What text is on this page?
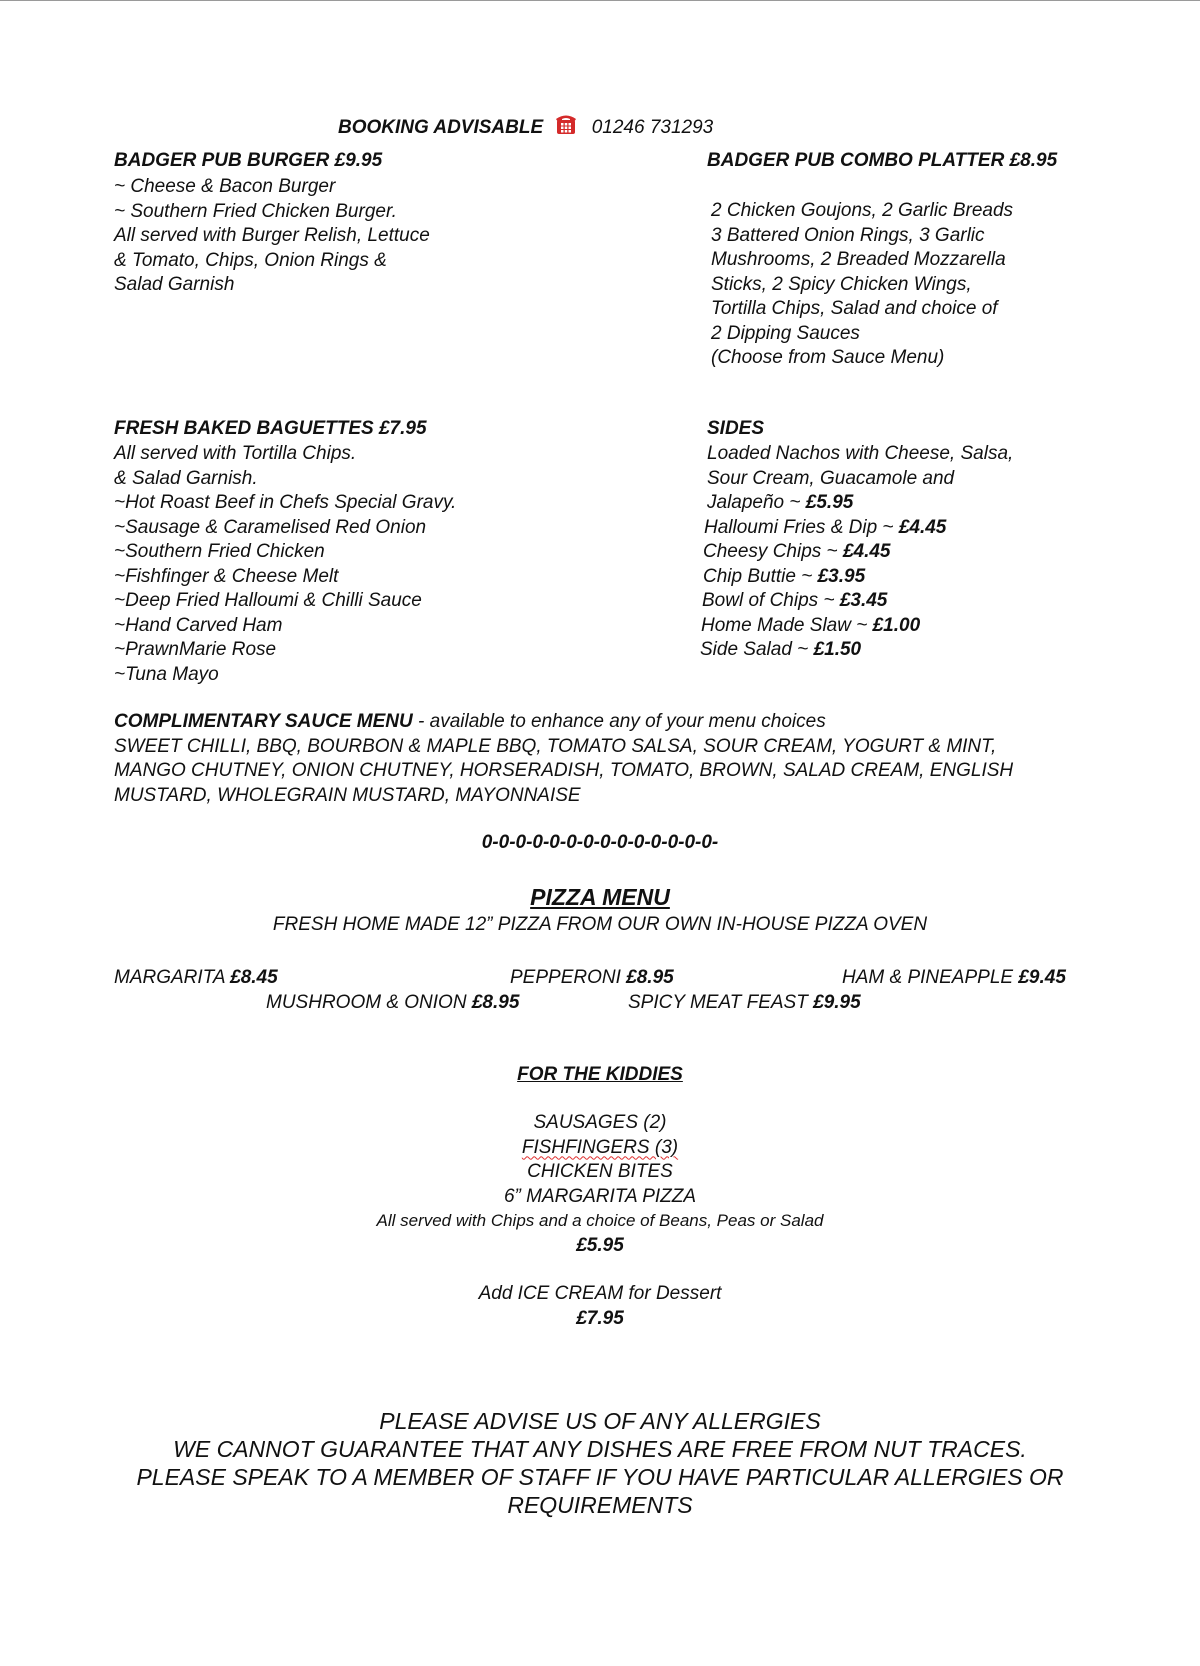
BOOKING ADVISABLE	01246 731293
BADGER PUB BURGER £9.95
~ Cheese & Bacon Burger
~ Southern Fried Chicken Burger.
All served with Burger Relish, Lettuce
& Tomato, Chips, Onion Rings &
Salad Garnish
BADGER PUB COMBO PLATTER £8.95
2 Chicken Goujons, 2 Garlic Breads
3 Battered Onion Rings, 3 Garlic
Mushrooms, 2 Breaded Mozzarella
Sticks, 2 Spicy Chicken Wings,
Tortilla Chips, Salad and choice of
2 Dipping Sauces
(Choose from Sauce Menu)
FRESH BAKED BAGUETTES £7.95
All served with Tortilla Chips.
& Salad Garnish.
~Hot Roast Beef in Chefs Special Gravy.
~Sausage & Caramelised Red Onion
~Southern Fried Chicken
~Fishfinger & Cheese Melt
~Deep Fried Halloumi & Chilli Sauce
~Hand Carved Ham
~PrawnMarie Rose
~Tuna Mayo
SIDES
Loaded Nachos with Cheese, Salsa,
Sour Cream, Guacamole and
Jalapeño ~ £5.95
Halloumi Fries & Dip ~ £4.45
Cheesy Chips ~ £4.45
Chip Buttie ~ £3.95
Bowl of Chips ~ £3.45
Home Made Slaw ~ £1.00
Side Salad ~ £1.50
COMPLIMENTARY SAUCE MENU - available to enhance any of your menu choices
SWEET CHILLI, BBQ, BOURBON & MAPLE BBQ, TOMATO SALSA, SOUR CREAM, YOGURT & MINT,
MANGO CHUTNEY, ONION CHUTNEY, HORSERADISH, TOMATO, BROWN, SALAD CREAM, ENGLISH
MUSTARD, WHOLEGRAIN MUSTARD, MAYONNAISE
0-0-0-0-0-0-0-0-0-0-0-0-0-0-
PIZZA MENU
FRESH HOME MADE 12” PIZZA FROM OUR OWN IN-HOUSE PIZZA OVEN
MARGARITA £8.45	PEPPERONI £8.95	HAM & PINEAPPLE £9.45
MUSHROOM & ONION £8.95	SPICY MEAT FEAST £9.95
FOR THE KIDDIES
SAUSAGES (2)
FISHFINGERS (3)
CHICKEN BITES
6” MARGARITA PIZZA
All served with Chips and a choice of Beans, Peas or Salad
£5.95
Add ICE CREAM for Dessert
£7.95
PLEASE ADVISE US OF ANY ALLERGIES
WE CANNOT GUARANTEE THAT ANY DISHES ARE FREE FROM NUT TRACES.
PLEASE SPEAK TO A MEMBER OF STAFF IF YOU HAVE PARTICULAR ALLERGIES OR
REQUIREMENTS
